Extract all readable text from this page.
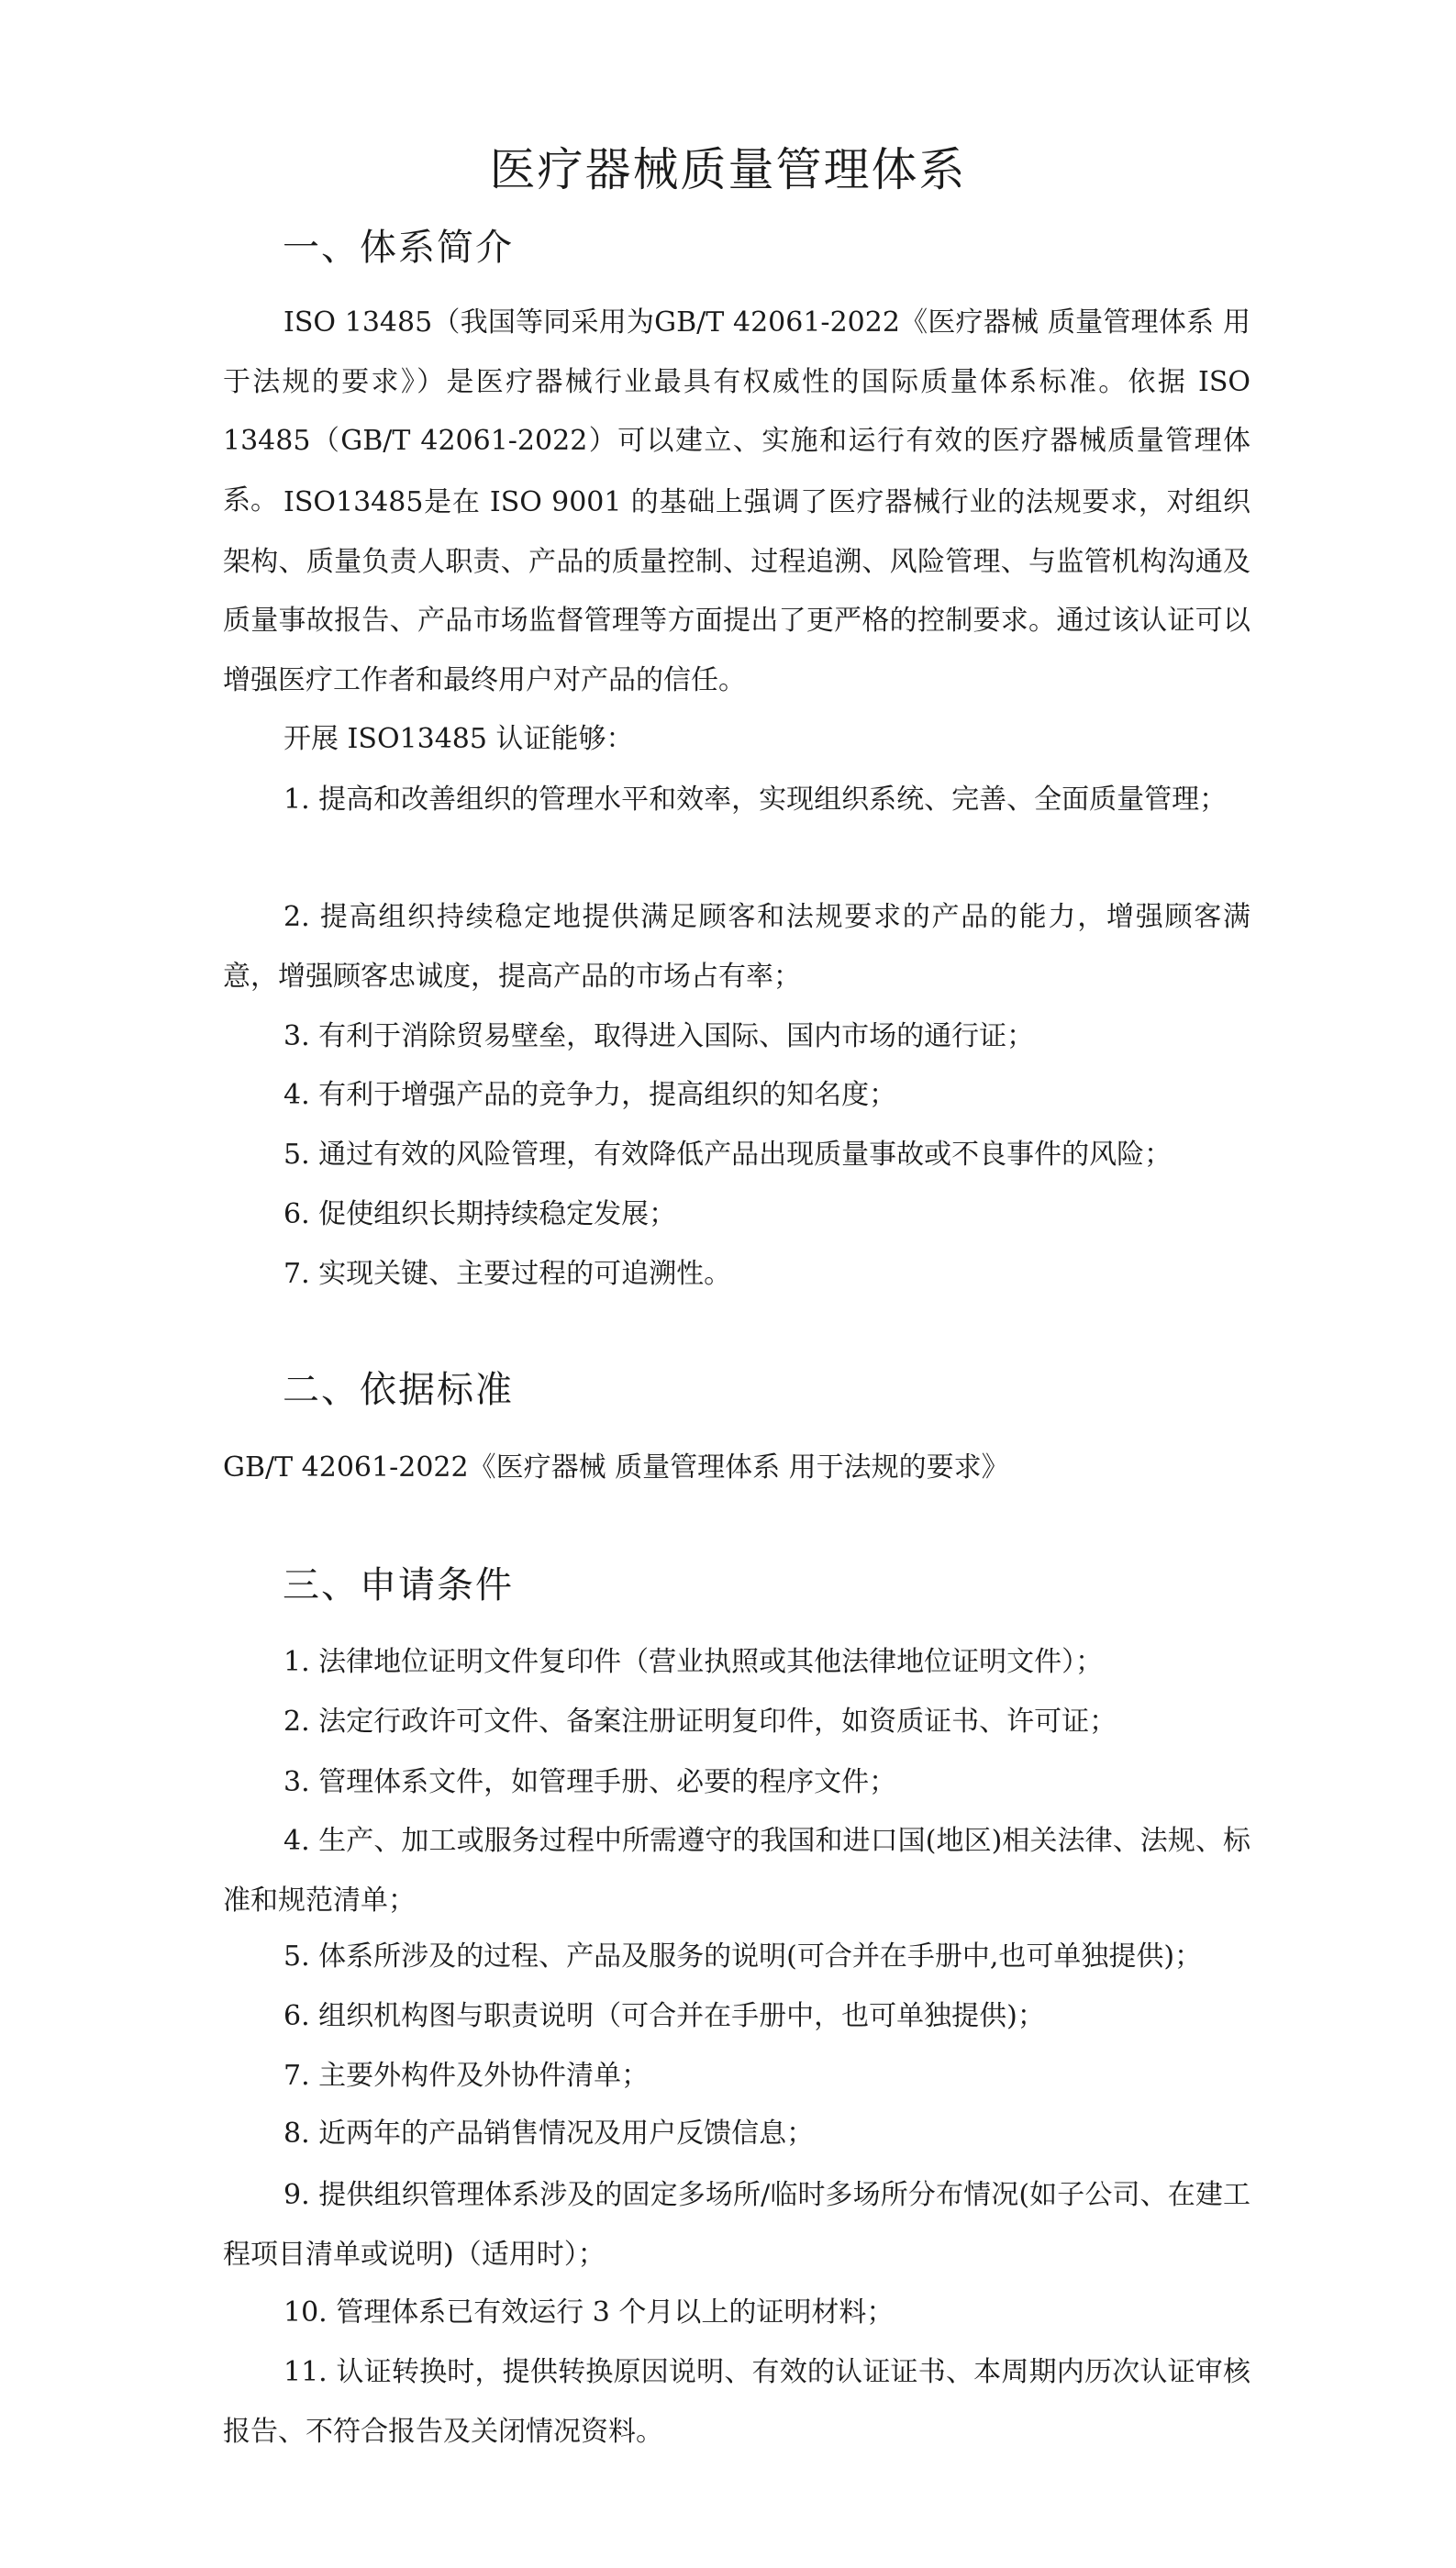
医疗器械质量管理体系
一、体系简介

ISO 13485（我国等同采用为GB/T 42061-2022《医疗器械 质量管理体系 用于法规的要求》）是医疗器械行业最具有权威性的国际质量体系标准。依据 ISO 13485（GB/T 42061-2022）可以建立、实施和运行有效的医疗器械质量管理体系。 ISO13485是在 ISO 9001 的基础上强调了医疗器械行业的法规要求，对组织架构、质量负责人职责、产品的质量控制、过程追溯、风险管理、与监管机构沟通及质量事故报告、产品市场监督管理等方面提出了更严格的控制要求。通过该认证可以增强医疗工作者和最终用户对产品的信任。

开展 ISO13485 认证能够：

1. 提高和改善组织的管理水平和效率，实现组织系统、完善、全面质量管理；

2. 提高组织持续稳定地提供满足顾客和法规要求的产品的能力，增强顾客满意，增强顾客忠诚度，提高产品的市场占有率；

3. 有利于消除贸易壁垒，取得进入国际、国内市场的通行证；

4. 有利于增强产品的竞争力，提高组织的知名度；

5. 通过有效的风险管理，有效降低产品出现质量事故或不良事件的风险；

6. 促使组织长期持续稳定发展；

7. 实现关键、主要过程的可追溯性。

二、依据标准

GB/T 42061-2022《医疗器械 质量管理体系 用于法规的要求》

三、申请条件

1. 法律地位证明文件复印件（营业执照或其他法律地位证明文件）；

2. 法定行政许可文件、备案注册证明复印件，如资质证书、许可证；

3. 管理体系文件，如管理手册、必要的程序文件；

4. 生产、加工或服务过程中所需遵守的我国和进口国(地区)相关法律、法规、标准和规范清单；

5. 体系所涉及的过程、产品及服务的说明(可合并在手册中,也可单独提供)；

6. 组织机构图与职责说明（可合并在手册中，也可单独提供)；

7. 主要外构件及外协件清单；

8. 近两年的产品销售情况及用户反馈信息；

9. 提供组织管理体系涉及的固定多场所/临时多场所分布情况(如子公司、在建工程项目清单或说明)（适用时）；

10. 管理体系已有效运行 3 个月以上的证明材料；

11. 认证转换时，提供转换原因说明、有效的认证证书、本周期内历次认证审核报告、不符合报告及关闭情况资料。
